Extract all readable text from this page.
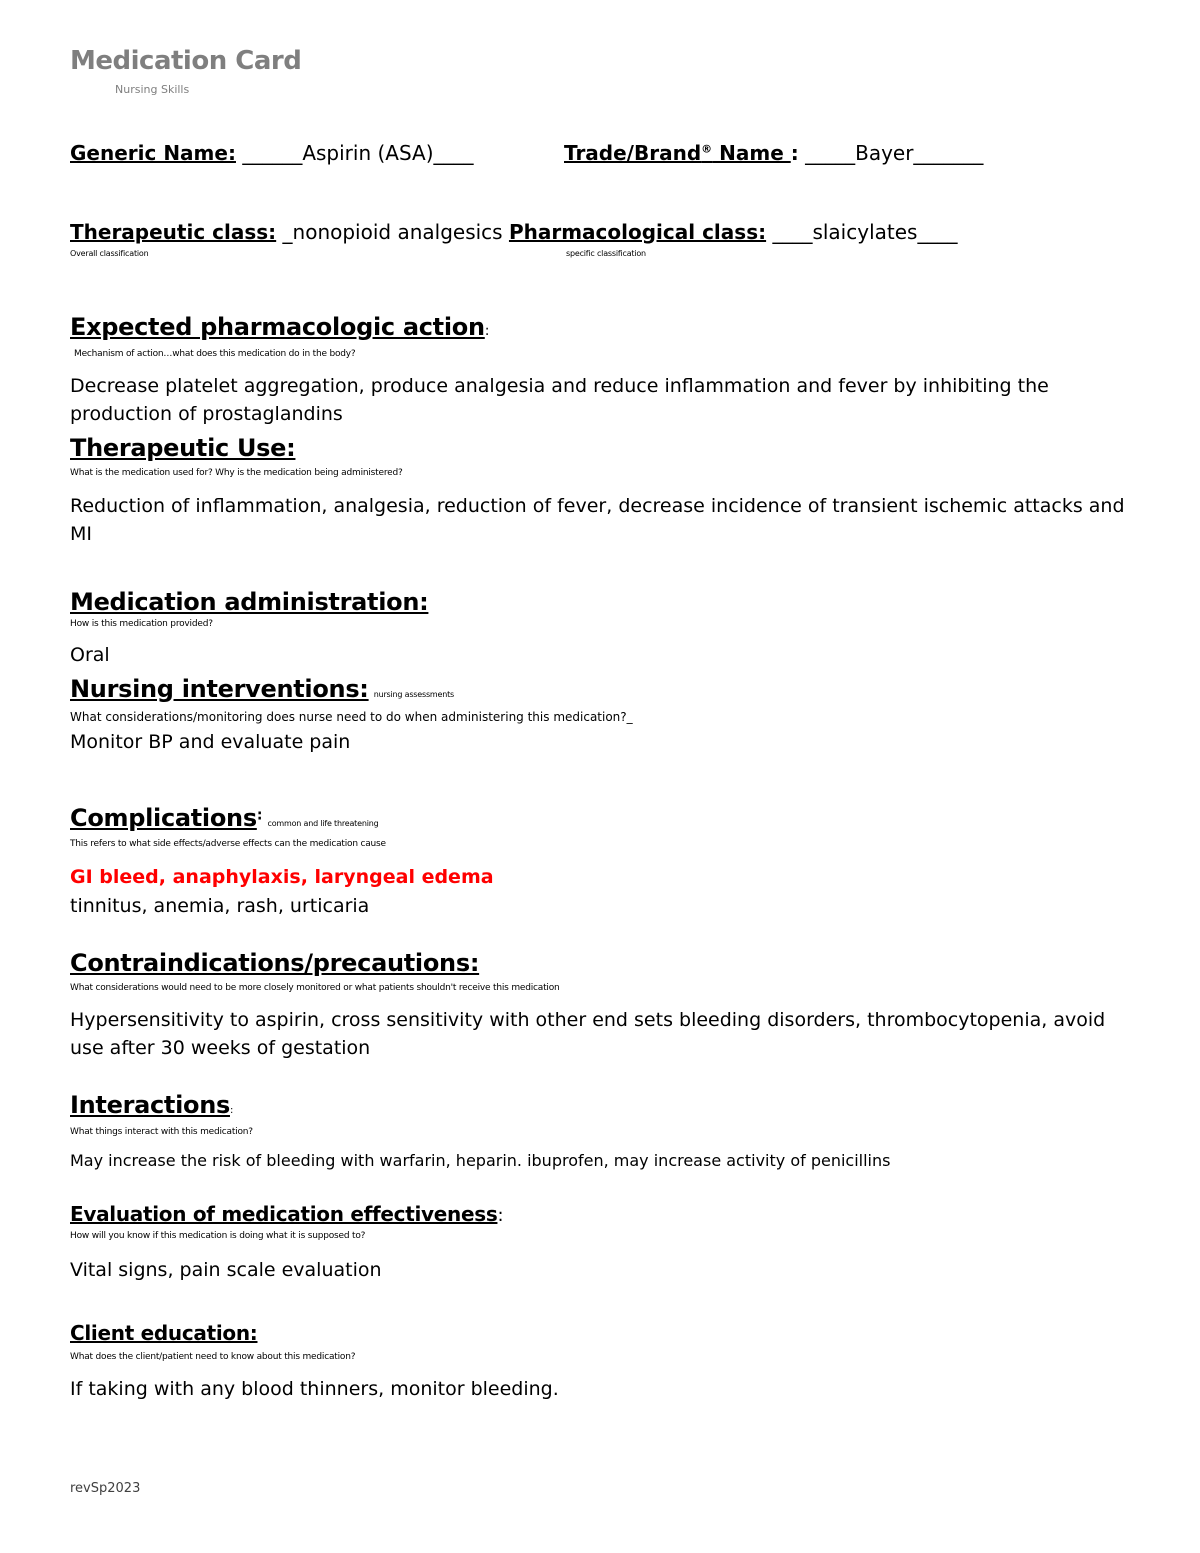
Medication Card
Nursing Skills
Generic Name: ______Aspirin (ASA)____	Trade/Brand® Name : _____Bayer_______
Therapeutic class: _nonopioid analgesics Pharmacological class: ____slaicylates____
Overall classification	specific classification
Expected pharmacologic action:
Mechanism of action…what does this medication do in the body?
Decrease platelet aggregation, produce analgesia and reduce inflammation and fever by inhibiting the production of prostaglandins
Therapeutic Use:
What is the medication used for? Why is the medication being administered?
Reduction of inflammation, analgesia, reduction of fever, decrease incidence of transient ischemic attacks and MI
Medication administration:
How is this medication provided?
Oral
Nursing interventions: nursing assessments
What considerations/monitoring does nurse need to do when administering this medication?_
Monitor BP and evaluate pain
Complications: common and life threatening
This refers to what side effects/adverse effects can the medication cause
GI bleed, anaphylaxis, laryngeal edema
tinnitus, anemia, rash, urticaria
Contraindications/precautions:
What considerations would need to be more closely monitored or what patients shouldn't receive this medication
Hypersensitivity to aspirin, cross sensitivity with other end sets bleeding disorders, thrombocytopenia, avoid use after 30 weeks of gestation
Interactions:
What things interact with this medication?
May increase the risk of bleeding with warfarin, heparin. ibuprofen, may increase activity of penicillins
Evaluation of medication effectiveness:
How will you know if this medication is doing what it is supposed to?
Vital signs, pain scale evaluation
Client education:
What does the client/patient need to know about this medication?
If taking with any blood thinners, monitor bleeding.
revSp2023
